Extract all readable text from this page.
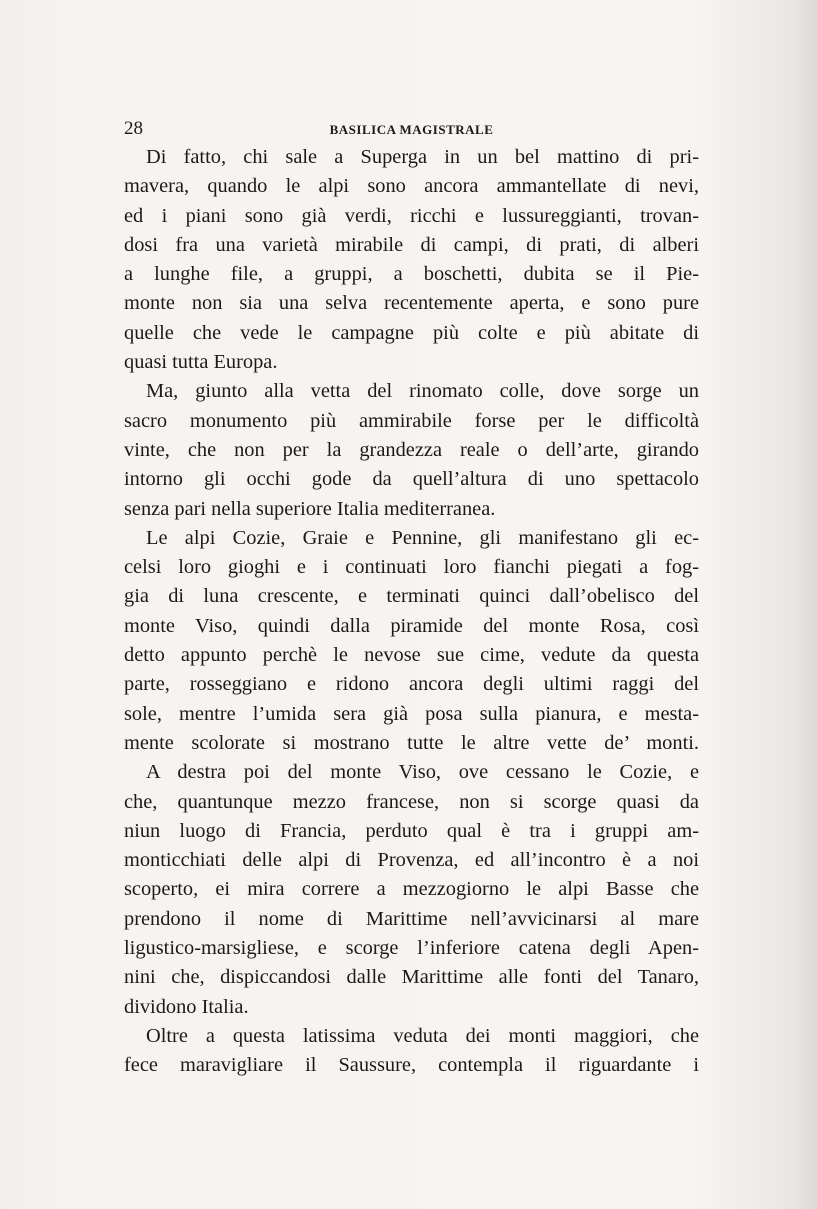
28	BASILICA MAGISTRALE
Di fatto, chi sale a Superga in un bel mattino di pri-
mavera, quando le alpi sono ancora ammantellate di nevi,
ed i piani sono già verdi, ricchi e lussureggianti, trovan-
dosi fra una varietà mirabile di campi, di prati, di alberi
a lunghe file, a gruppi, a boschetti, dubita se il Pie-
monte non sia una selva recentemente aperta, e sono pure
quelle che vede le campagne più colte e più abitate di
quasi tutta Europa.
Ma, giunto alla vetta del rinomato colle, dove sorge un
sacro monumento più ammirabile forse per le difficoltà
vinte, che non per la grandezza reale o dell’arte, girando
intorno gli occhi gode da quell’altura di uno spettacolo
senza pari nella superiore Italia mediterranea.
Le alpi Cozie, Graie e Pennine, gli manifestano gli ec-
celsi loro gioghi e i continuati loro fianchi piegati a fog-
gia di luna crescente, e terminati quinci dall’obelisco del
monte Viso, quindi dalla piramide del monte Rosa, così
detto appunto perchè le nevose sue cime, vedute da questa
parte, rosseggiano e ridono ancora degli ultimi raggi del
sole, mentre l’umida sera già posa sulla pianura, e mesta-
mente scolorate si mostrano tutte le altre vette de’ monti.
A destra poi del monte Viso, ove cessano le Cozie, e
che, quantunque mezzo francese, non si scorge quasi da
niun luogo di Francia, perduto qual è tra i gruppi am-
monticchiati delle alpi di Provenza, ed all’incontro è a noi
scoperto, ei mira correre a mezzogiorno le alpi Basse che
prendono il nome di Marittime nell’avvicinarsi al mare
ligustico-marsigliese, e scorge l’inferiore catena degli Apen-
nini che, dispiccandosi dalle Marittime alle fonti del Tanaro,
dividono Italia.
Oltre a questa latissima veduta dei monti maggiori, che
fece maravigliare il Saussure, contempla il riguardante i
